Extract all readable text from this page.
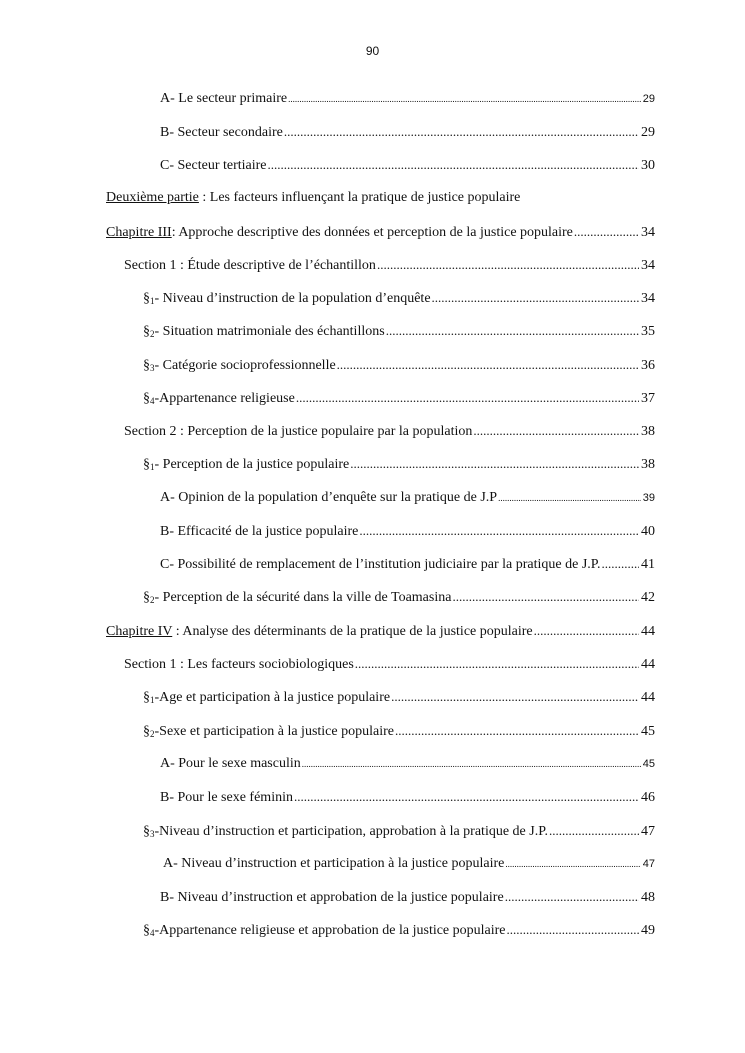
90
A- Le secteur primaire .....	29
B- Secteur secondaire .....	29
C- Secteur tertiaire .....	30
Deuxième partie : Les facteurs influençant la pratique de justice populaire
Chapitre III: Approche descriptive des données et perception de la justice populaire .....	34
Section 1 : Étude descriptive de l’échantillon .....	34
$\S_1-$ Niveau d’instruction de la population d’enquête .....	34
$\S_2-$ Situation matrimoniale des échantillons .....	35
$\S_3-$ Catégorie socioprofessionnelle .....	36
$\S_4$-Appartenance religieuse .....	37
Section 2 : Perception de la justice populaire par la population .....	38
$\S_1-$ Perception de la justice populaire .....	38
A- Opinion de la population d’enquête sur la pratique de J.P .....	39
B- Efficacité de la justice populaire .....	40
C- Possibilité de remplacement de l’institution judiciaire par la pratique de J.P. .....	41
$\S_2-$ Perception de la sécurité dans la ville de Toamasina .....	42
Chapitre IV : Analyse des déterminants de la pratique de la justice populaire .....	44
Section 1 : Les facteurs sociobiologiques .....	44
$\S_1$-Age et participation à la justice populaire .....	44
$\S_2$-Sexe et participation à la justice populaire .....	45
A- Pour le sexe masculin .....	45
B- Pour le sexe féminin .....	46
$\S_3$-Niveau d’instruction et participation, approbation à la pratique de J.P. .....	47
A- Niveau d’instruction et participation à la justice populaire .....	47
B- Niveau d’instruction et approbation de la justice populaire .....	48
$\S_4$-Appartenance religieuse et approbation de la justice populaire .....	49
